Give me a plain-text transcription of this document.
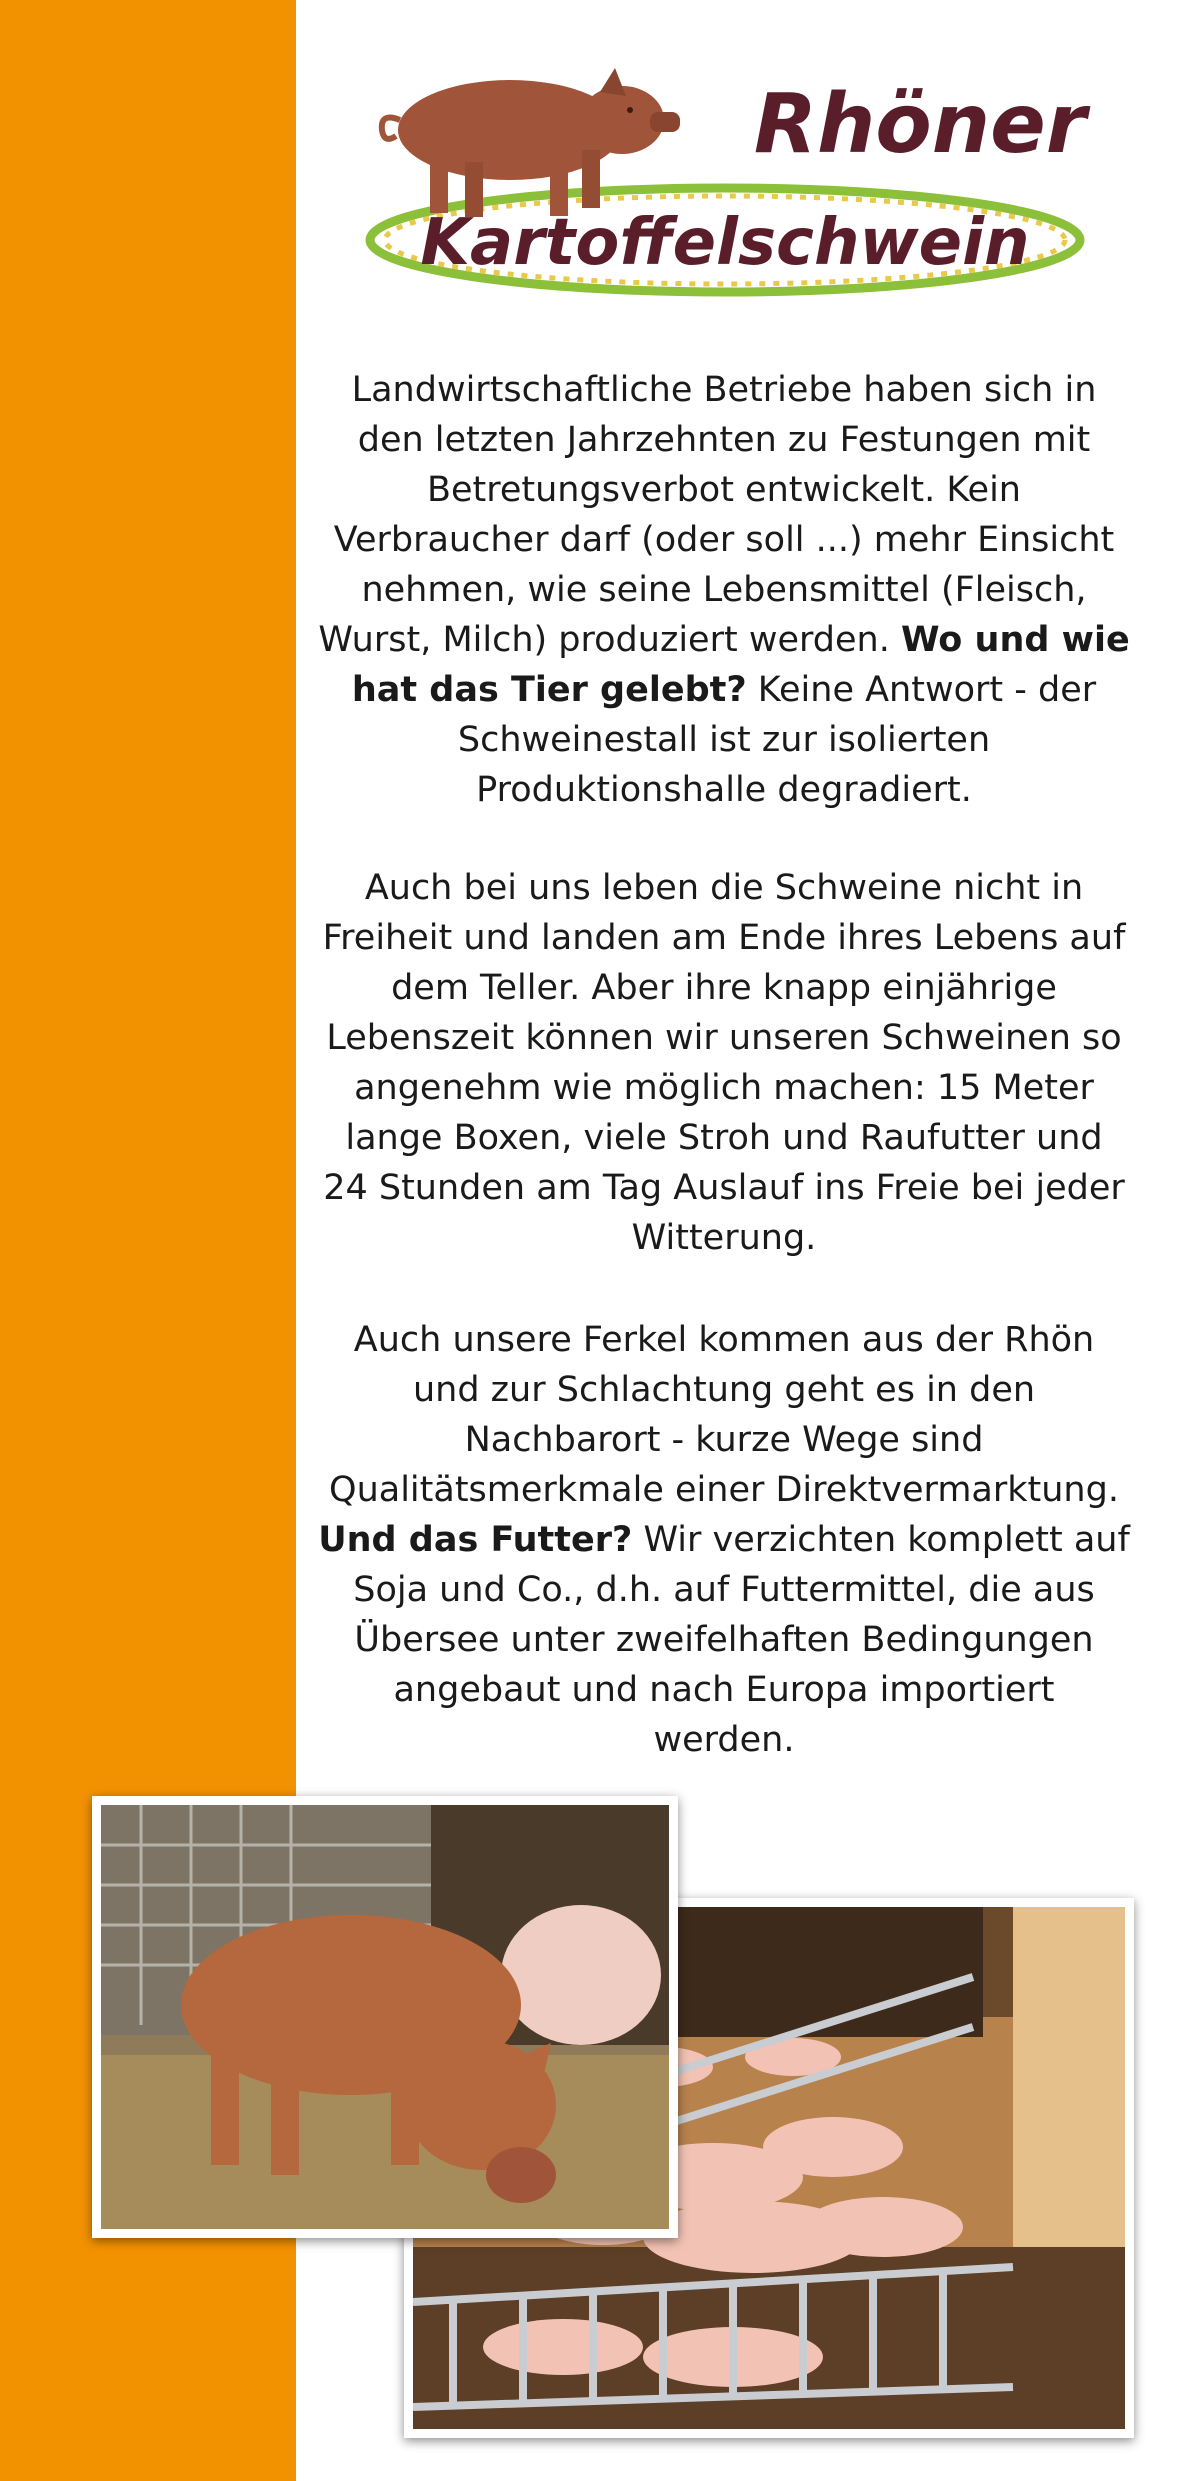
Rhöner
Kartoffelschwein
Landwirtschaftliche Betriebe haben sich in den letzten Jahrzehnten zu Festungen mit Betretungsverbot entwickelt. Kein Verbraucher darf (oder soll ...) mehr Einsicht nehmen, wie seine Lebensmittel (Fleisch, Wurst, Milch) produziert werden. Wo und wie hat das Tier gelebt? Keine Antwort - der Schweinestall ist zur isolierten Produktionshalle degradiert.
Auch bei uns leben die Schweine nicht in Freiheit und landen am Ende ihres Lebens auf dem Teller. Aber ihre knapp einjährige Lebenszeit können wir unseren Schweinen so angenehm wie möglich machen: 15 Meter lange Boxen, viele Stroh und Raufutter und 24 Stunden am Tag Auslauf ins Freie bei jeder Witterung.
Auch unsere Ferkel kommen aus der Rhön und zur Schlachtung geht es in den Nachbarort - kurze Wege sind Qualitätsmerkmale einer Direktvermarktung. Und das Futter? Wir verzichten komplett auf Soja und Co., d.h. auf Futtermittel, die aus Übersee unter zweifelhaften Bedingungen angebaut und nach Europa importiert werden.
